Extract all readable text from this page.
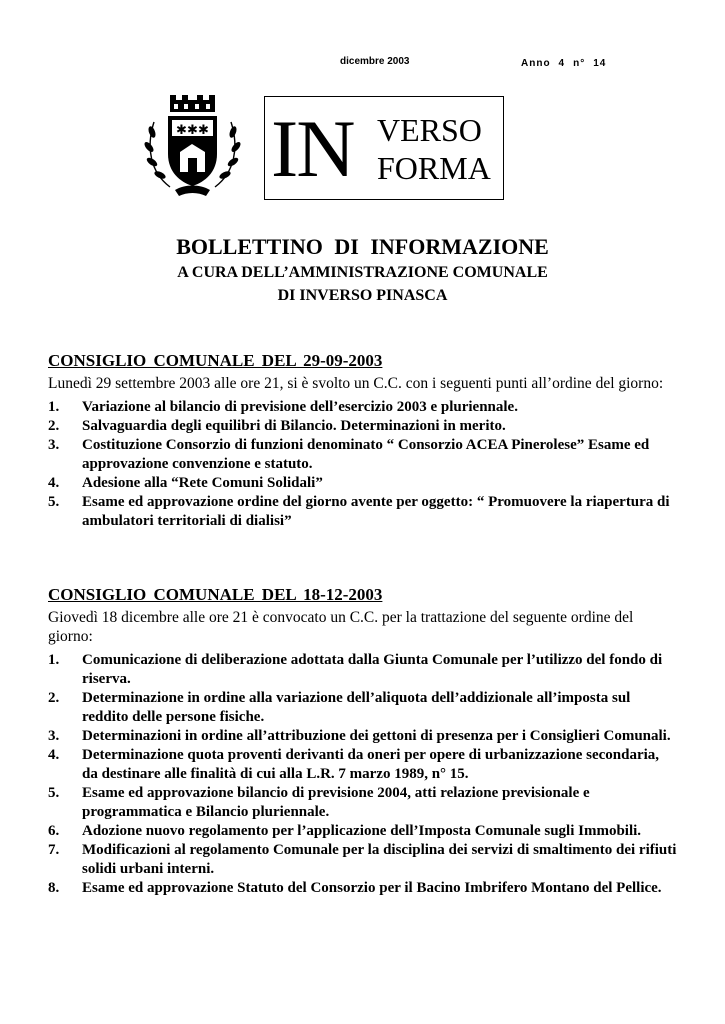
dicembre 2003	Anno 4 n° 14
✱ ✱ ✱ IN VERSO
FORMA
BOLLETTINO DI INFORMAZIONE
A CURA DELL’AMMINISTRAZIONE COMUNALE
DI INVERSO PINASCA
CONSIGLIO COMUNALE DEL 29-09-2003
Lunedì 29 settembre 2003 alle ore 21, si è svolto un C.C. con i seguenti punti all’ordine del giorno:
1. Variazione al bilancio di previsione dell’esercizio 2003 e pluriennale.
2. Salvaguardia degli equilibri di Bilancio. Determinazioni in merito.
3. Costituzione Consorzio di funzioni denominato “ Consorzio ACEA Pinerolese” Esame ed approvazione convenzione e statuto.
4. Adesione alla “Rete Comuni Solidali”
5. Esame ed approvazione ordine del giorno avente per oggetto: “ Promuovere la riapertura di ambulatori territoriali di dialisi”
CONSIGLIO COMUNALE DEL 18-12-2003
Giovedì 18 dicembre alle ore 21 è convocato un C.C. per la trattazione del seguente ordine del giorno:
1. Comunicazione di deliberazione adottata dalla Giunta Comunale per l’utilizzo del fondo di riserva.
2. Determinazione in ordine alla variazione dell’aliquota dell’addizionale all’imposta sul reddito delle persone fisiche.
3. Determinazioni in ordine all’attribuzione dei gettoni di presenza per i Consiglieri Comunali.
4. Determinazione quota proventi derivanti da oneri per opere di urbanizzazione secondaria, da destinare alle finalità di cui alla L.R. 7 marzo 1989, n° 15.
5. Esame ed approvazione bilancio di previsione 2004, atti relazione previsionale e programmatica e Bilancio pluriennale.
6. Adozione nuovo regolamento per l’applicazione dell’Imposta Comunale sugli Immobili.
7. Modificazioni al regolamento Comunale per la disciplina dei servizi di smaltimento dei rifiuti solidi urbani interni.
8. Esame ed approvazione Statuto del Consorzio per il Bacino Imbrifero Montano del Pellice.
